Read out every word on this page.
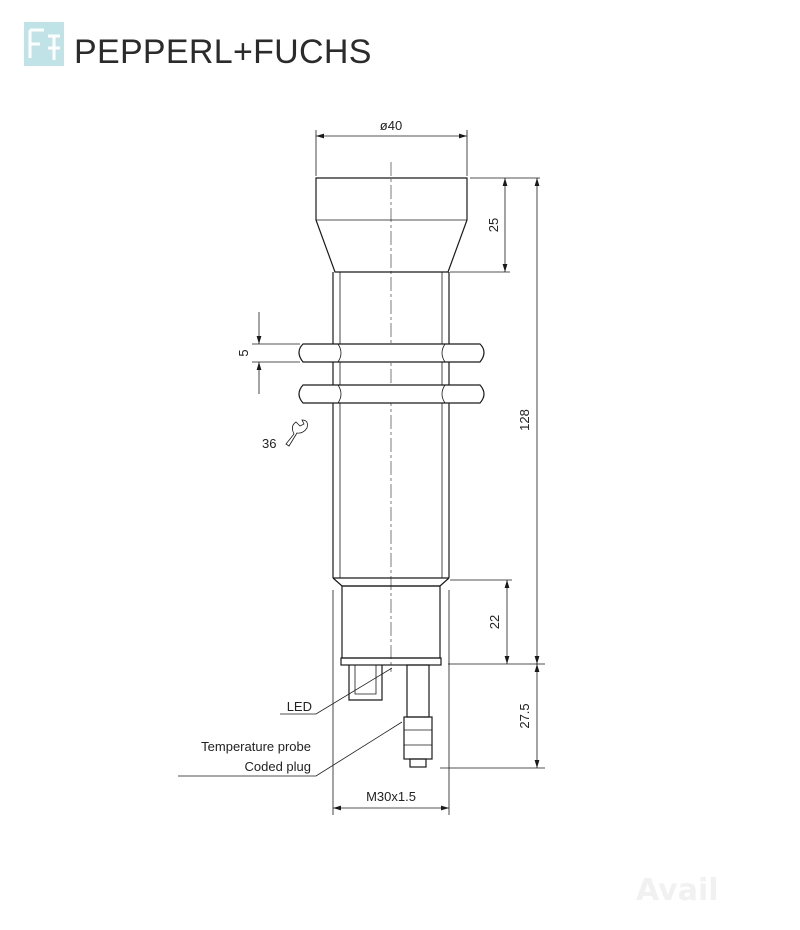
PEPPERL+FUCHS
ø40
25
128
22
27.5
5
36
M30x1.5
LED
Temperature probe
Coded plug
Avail
